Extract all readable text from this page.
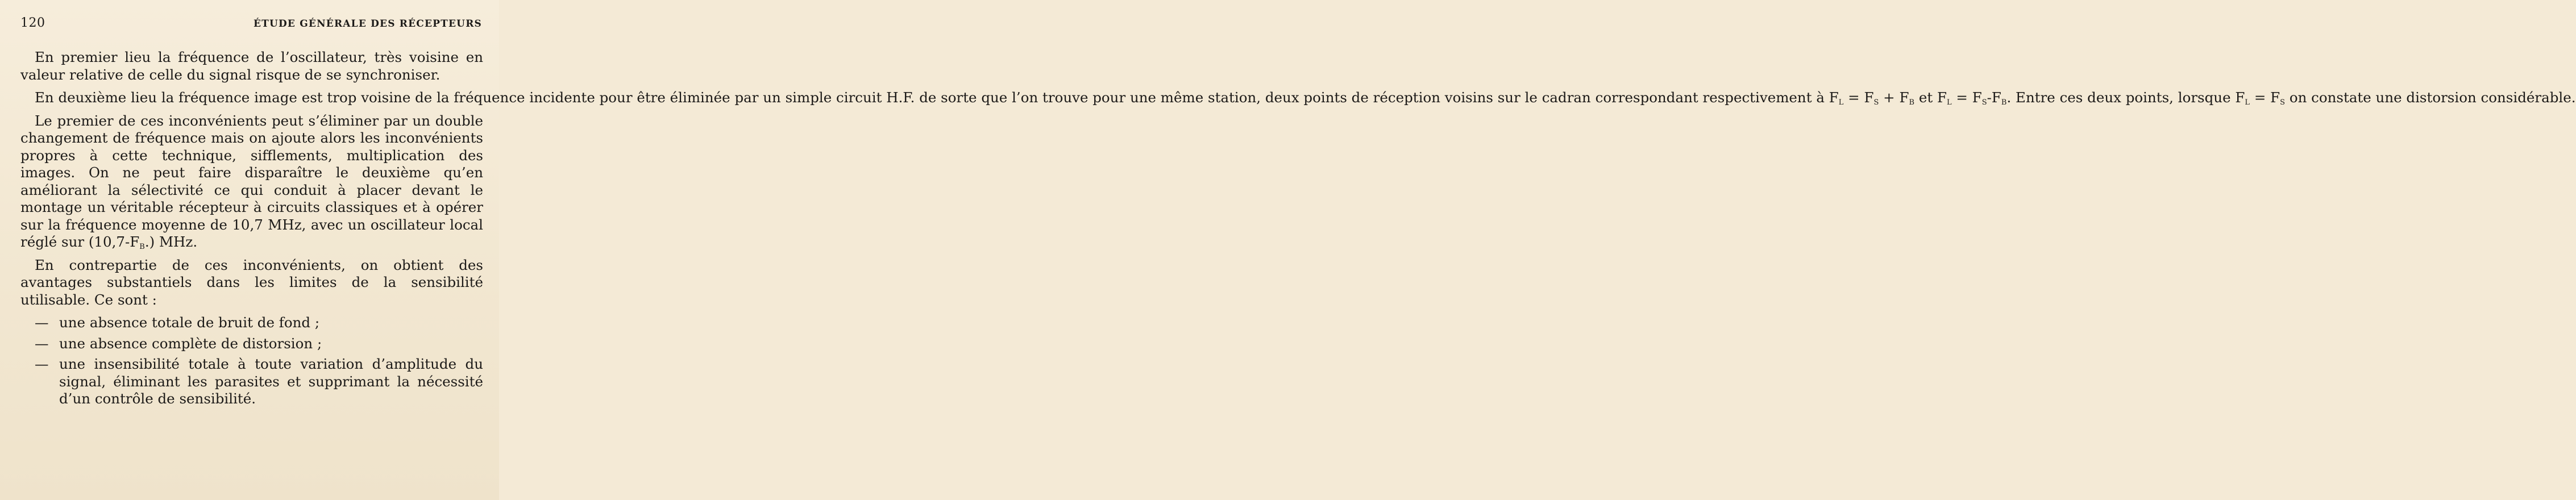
120	ÉTUDE GÉNÉRALE DES RÉCEPTEURS

En premier lieu la fréquence de l’oscillateur, très voisine en valeur relative de celle du signal risque de se synchroniser.

En deuxième lieu la fréquence image est trop voisine de la fréquence incidente pour être éliminée par un simple circuit H.F. de sorte que l’on trouve pour une même station, deux points de réception voisins sur le cadran correspondant respectivement à $F_L = F_S + F_B$ et $F_L = F_S-F_B$. Entre ces deux points, lorsque $F_L = F_S$ on constate une distorsion considérable.

Le premier de ces inconvénients peut s’éliminer par un double changement de fréquence mais on ajoute alors les inconvénients propres à cette technique, sifflements, multiplication des images. On ne peut faire disparaître le deuxième qu’en améliorant la sélectivité ce qui conduit à placer devant le montage un véritable récepteur à circuits classiques et à opérer sur la fréquence moyenne de 10,7 MHz, avec un oscillateur local réglé sur $(10,7-F_B.)$ MHz.

En contrepartie de ces inconvénients, on obtient des avantages substantiels dans les limites de la sensibilité utilisable. Ce sont :

— une absence totale de bruit de fond ;
— une absence complète de distorsion ;
— une insensibilité totale à toute variation d’amplitude du signal, éliminant les parasites et supprimant la nécessité d’un contrôle de sensibilité.
